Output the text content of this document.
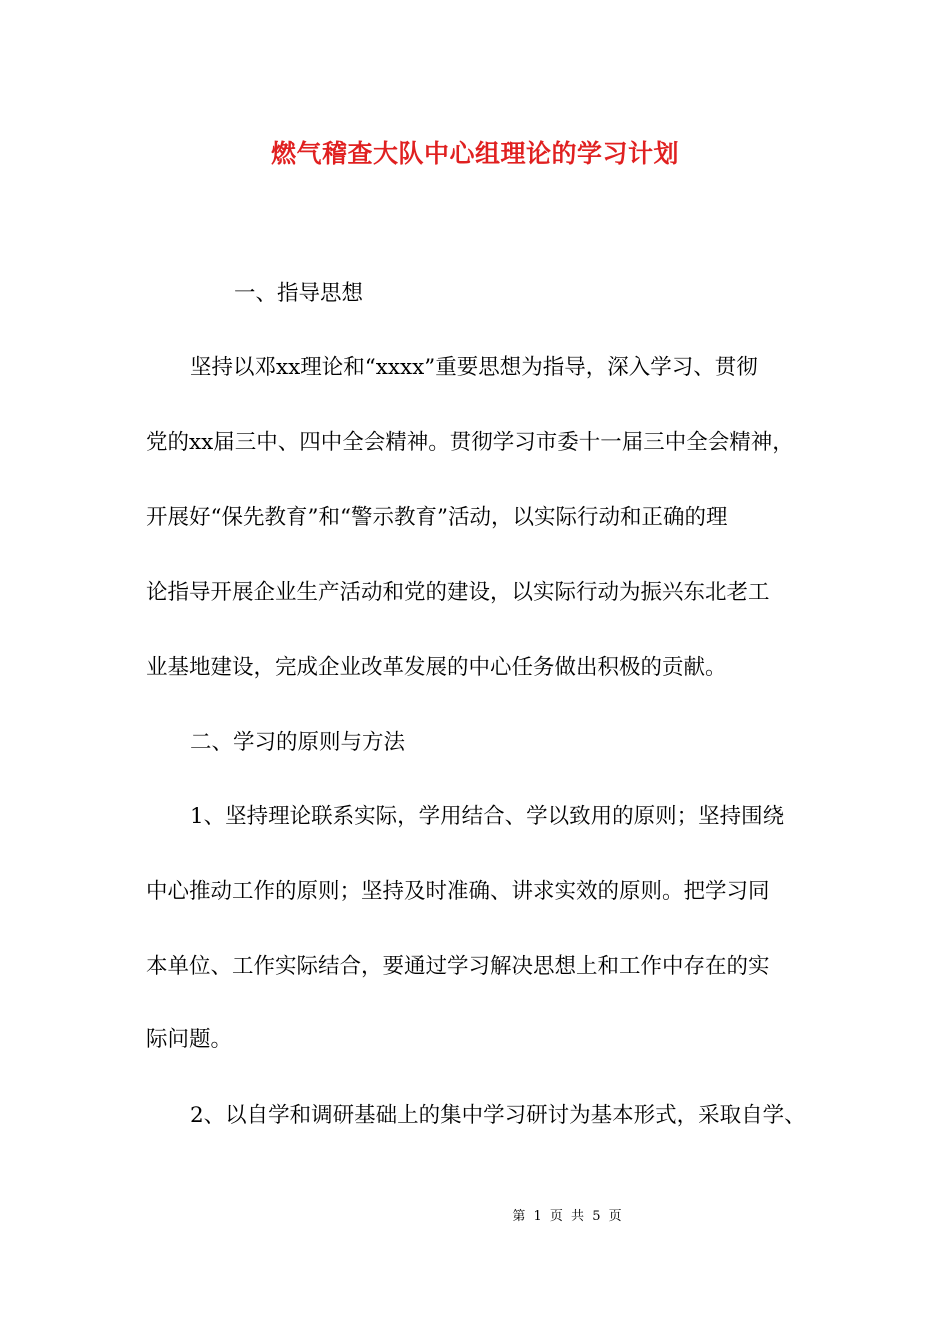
燃气稽查大队中心组理论的学习计划
一、指导思想
坚持以邓xx理论和“xxxx”重要思想为指导，深入学习、贯彻
党的xx届三中、四中全会精神。贯彻学习市委十一届三中全会精神，
开展好“保先教育”和“警示教育”活动，以实际行动和正确的理
论指导开展企业生产活动和党的建设，以实际行动为振兴东北老工
业基地建设，完成企业改革发展的中心任务做出积极的贡献。
二、学习的原则与方法
1、坚持理论联系实际，学用结合、学以致用的原则；坚持围绕
中心推动工作的原则；坚持及时准确、讲求实效的原则。把学习同
本单位、工作实际结合，要通过学习解决思想上和工作中存在的实
际问题。
2、以自学和调研基础上的集中学习研讨为基本形式，采取自学、
第 1 页 共 5 页
